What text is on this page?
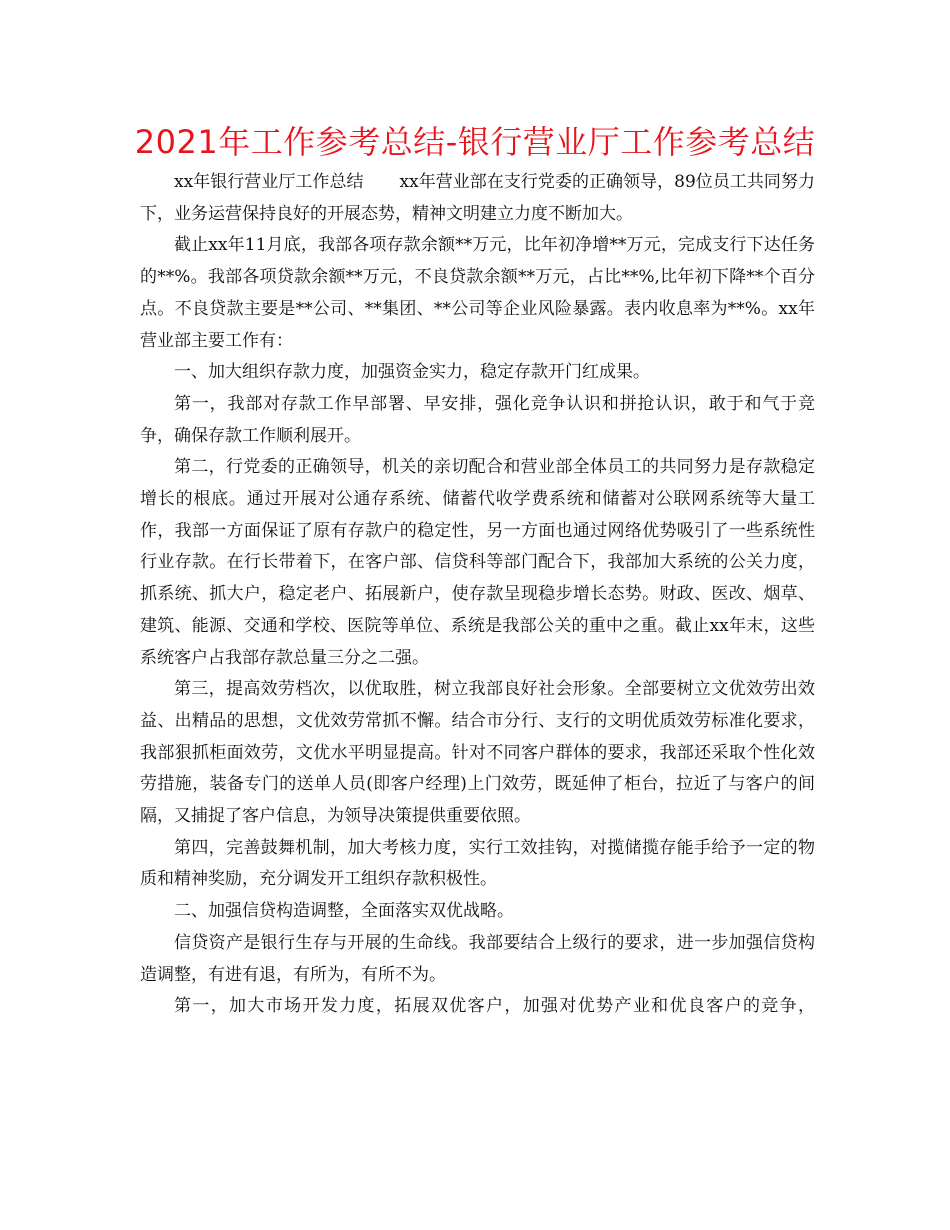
2021年工作参考总结-银行营业厅工作参考总结

xx年银行营业厅工作总结 xx年营业部在支行党委的正确领导，89位员工共同努力下，业务运营保持良好的开展态势，精神文明建立力度不断加大。

截止xx年11月底，我部各项存款余额**万元，比年初净增**万元，完成支行下达任务的**%。我部各项贷款余额**万元，不良贷款余额**万元，占比**%,比年初下降**个百分点。不良贷款主要是**公司、**集团、**公司等企业风险暴露。表内收息率为**%。xx年营业部主要工作有：

一、加大组织存款力度，加强资金实力，稳定存款开门红成果。

第一，我部对存款工作早部署、早安排，强化竞争认识和拼抢认识，敢于和气于竞争，确保存款工作顺利展开。

第二，行党委的正确领导，机关的亲切配合和营业部全体员工的共同努力是存款稳定增长的根底。通过开展对公通存系统、储蓄代收学费系统和储蓄对公联网系统等大量工作，我部一方面保证了原有存款户的稳定性，另一方面也通过网络优势吸引了一些系统性行业存款。在行长带着下，在客户部、信贷科等部门配合下，我部加大系统的公关力度，抓系统、抓大户，稳定老户、拓展新户，使存款呈现稳步增长态势。财政、医改、烟草、建筑、能源、交通和学校、医院等单位、系统是我部公关的重中之重。截止xx年末，这些系统客户占我部存款总量三分之二强。

第三，提高效劳档次，以优取胜，树立我部良好社会形象。全部要树立文优效劳出效益、出精品的思想，文优效劳常抓不懈。结合市分行、支行的文明优质效劳标准化要求，我部狠抓柜面效劳，文优水平明显提高。针对不同客户群体的要求，我部还采取个性化效劳措施，装备专门的送单人员(即客户经理)上门效劳，既延伸了柜台，拉近了与客户的间隔，又捕捉了客户信息，为领导决策提供重要依照。

第四，完善鼓舞机制，加大考核力度，实行工效挂钩，对揽储揽存能手给予一定的物质和精神奖励，充分调发开工组织存款积极性。

二、加强信贷构造调整，全面落实双优战略。

信贷资产是银行生存与开展的生命线。我部要结合上级行的要求，进一步加强信贷构造调整，有进有退，有所为，有所不为。

第一，加大市场开发力度，拓展双优客户，加强对优势产业和优良客户的竞争，
